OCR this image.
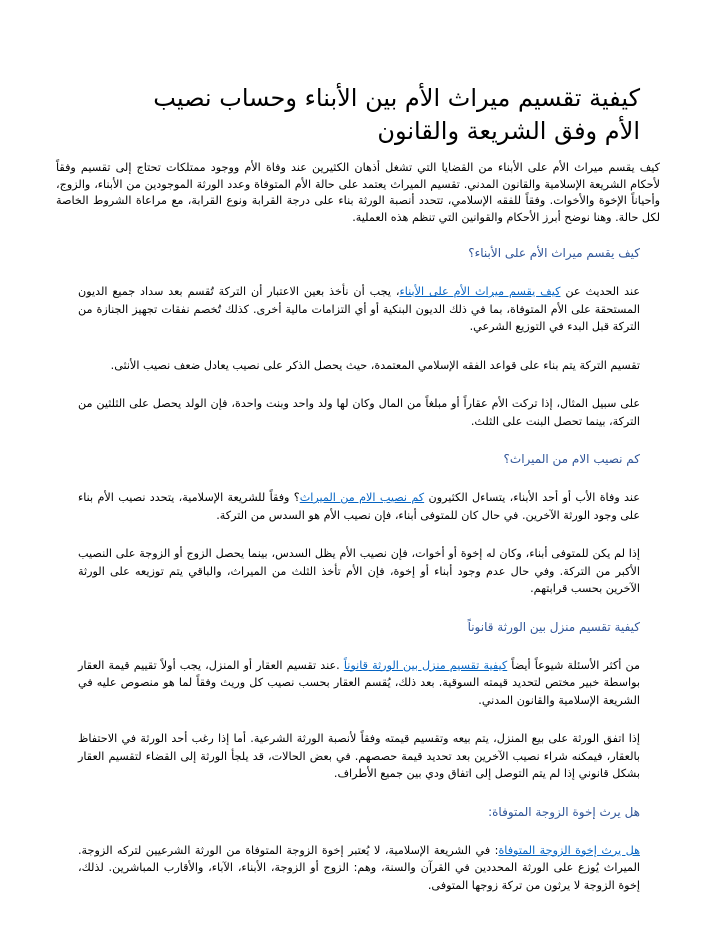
كيفية تقسيم ميراث الأم بين الأبناء وحساب نصيب الأم وفق الشريعة والقانون

كيف يقسم ميراث الأم على الأبناء من القضايا التي تشغل أذهان الكثيرين عند وفاة الأم ووجود ممتلكات تحتاج إلى تقسيم وفقاً لأحكام الشريعة الإسلامية والقانون المدني. تقسيم الميراث يعتمد على حالة الأم المتوفاة وعدد الورثة الموجودين من الأبناء، والزوج، وأحياناً الإخوة والأخوات. وفقاً للفقه الإسلامي، تتحدد أنصبة الورثة بناء على درجة القرابة ونوع القرابة، مع مراعاة الشروط الخاصة لكل حالة. وهنا نوضح أبرز الأحكام والقوانين التي تنظم هذه العملية.

كيف يقسم ميراث الأم على الأبناء؟

عند الحديث عن كيف يقسم ميراث الأم على الأبناء، يجب أن نأخذ بعين الاعتبار أن التركة تُقسم بعد سداد جميع الديون المستحقة على الأم المتوفاة، بما في ذلك الديون البنكية أو أي التزامات مالية أخرى. كذلك تُخصم نفقات تجهيز الجنازة من التركة قبل البدء في التوزيع الشرعي.

تقسيم التركة يتم بناء على قواعد الفقه الإسلامي المعتمدة، حيث يحصل الذكر على نصيب يعادل ضعف نصيب الأنثى.

على سبيل المثال، إذا تركت الأم عقاراً أو مبلغاً من المال وكان لها ولد واحد وبنت واحدة، فإن الولد يحصل على الثلثين من التركة، بينما تحصل البنت على الثلث.

كم نصيب الام من الميراث؟

عند وفاة الأب أو أحد الأبناء، يتساءل الكثيرون كم نصيب الام من الميراث؟ وفقاً للشريعة الإسلامية، يتحدد نصيب الأم بناء على وجود الورثة الآخرين. في حال كان للمتوفى أبناء، فإن نصيب الأم هو السدس من التركة.

إذا لم يكن للمتوفى أبناء، وكان له إخوة أو أخوات، فإن نصيب الأم يظل السدس، بينما يحصل الزوج أو الزوجة على النصيب الأكبر من التركة. وفي حال عدم وجود أبناء أو إخوة، فإن الأم تأخذ الثلث من الميراث، والباقي يتم توزيعه على الورثة الآخرين بحسب قرابتهم.

كيفية تقسيم منزل بين الورثة قانوناً

من أكثر الأسئلة شيوعاً أيضاً كيفية تقسيم منزل بين الورثة قانوناً .عند تقسيم العقار أو المنزل، يجب أولاً تقييم قيمة العقار بواسطة خبير مختص لتحديد قيمته السوقية. بعد ذلك، يُقسم العقار بحسب نصيب كل وريث وفقاً لما هو منصوص عليه في الشريعة الإسلامية والقانون المدني.

إذا اتفق الورثة على بيع المنزل، يتم بيعه وتقسيم قيمته وفقاً لأنصبة الورثة الشرعية. أما إذا رغب أحد الورثة في الاحتفاظ بالعقار، فيمكنه شراء نصيب الآخرين بعد تحديد قيمة حصصهم. في بعض الحالات، قد يلجأ الورثة إلى القضاء لتقسيم العقار بشكل قانوني إذا لم يتم التوصل إلى اتفاق ودي بين جميع الأطراف.

هل يرث إخوة الزوجة المتوفاة:

هل يرث إخوة الزوجة المتوفاة: في الشريعة الإسلامية، لا يُعتبر إخوة الزوجة المتوفاة من الورثة الشرعيين لتركه الزوجة. الميراث يُوزع على الورثة المحددين في القرآن والسنة، وهم: الزوج أو الزوجة، الأبناء، الآباء، والأقارب المباشرين. لذلك، إخوة الزوجة لا يرثون من تركة زوجها المتوفى.
